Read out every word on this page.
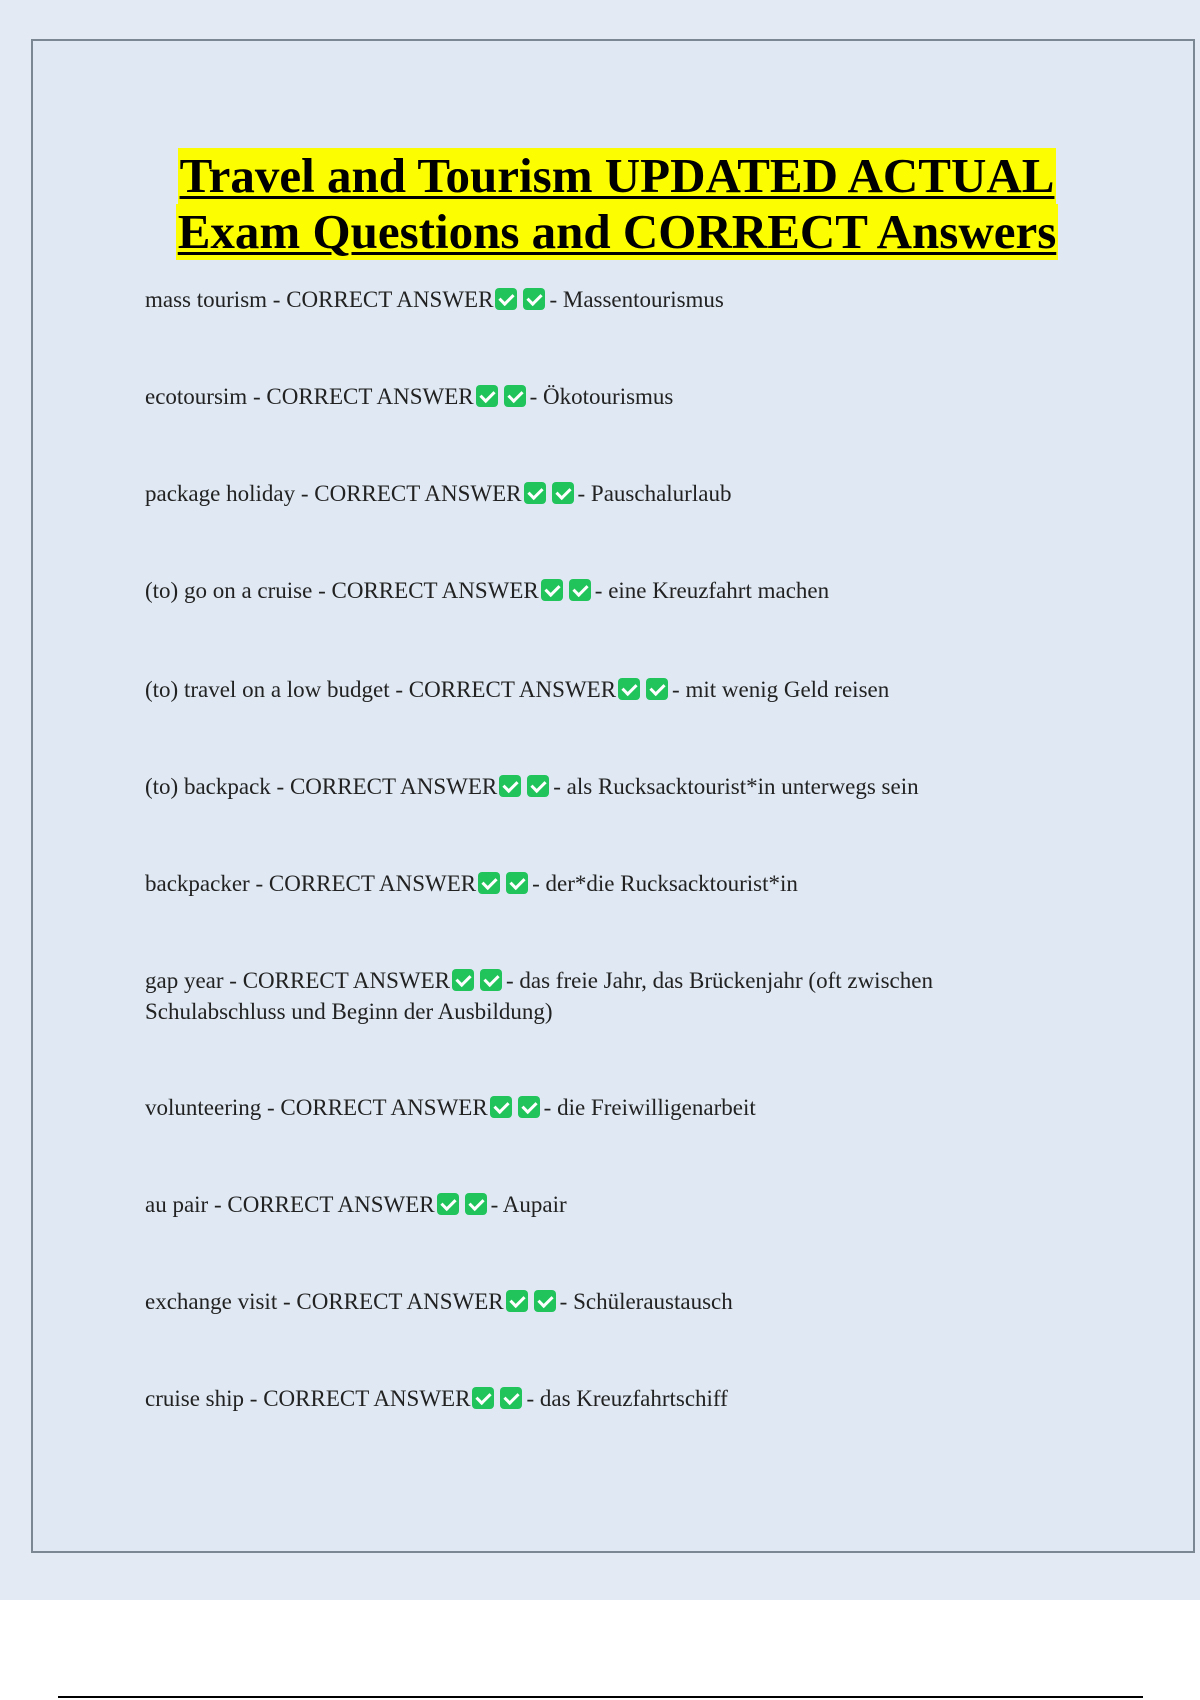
Travel and Tourism UPDATED ACTUAL
Exam Questions and CORRECT Answers
mass tourism - CORRECT ANSWER - Massentourismus
ecotoursim - CORRECT ANSWER - Ökotourismus
package holiday - CORRECT ANSWER - Pauschalurlaub
(to) go on a cruise - CORRECT ANSWER - eine Kreuzfahrt machen
(to) travel on a low budget - CORRECT ANSWER - mit wenig Geld reisen
(to) backpack - CORRECT ANSWER - als Rucksacktourist*in unterwegs sein
backpacker - CORRECT ANSWER - der*die Rucksacktourist*in
gap year - CORRECT ANSWER - das freie Jahr, das Brückenjahr (oft zwischen Schulabschluss und Beginn der Ausbildung)
volunteering - CORRECT ANSWER - die Freiwilligenarbeit
au pair - CORRECT ANSWER - Aupair
exchange visit - CORRECT ANSWER - Schüleraustausch
cruise ship - CORRECT ANSWER - das Kreuzfahrtschiff
